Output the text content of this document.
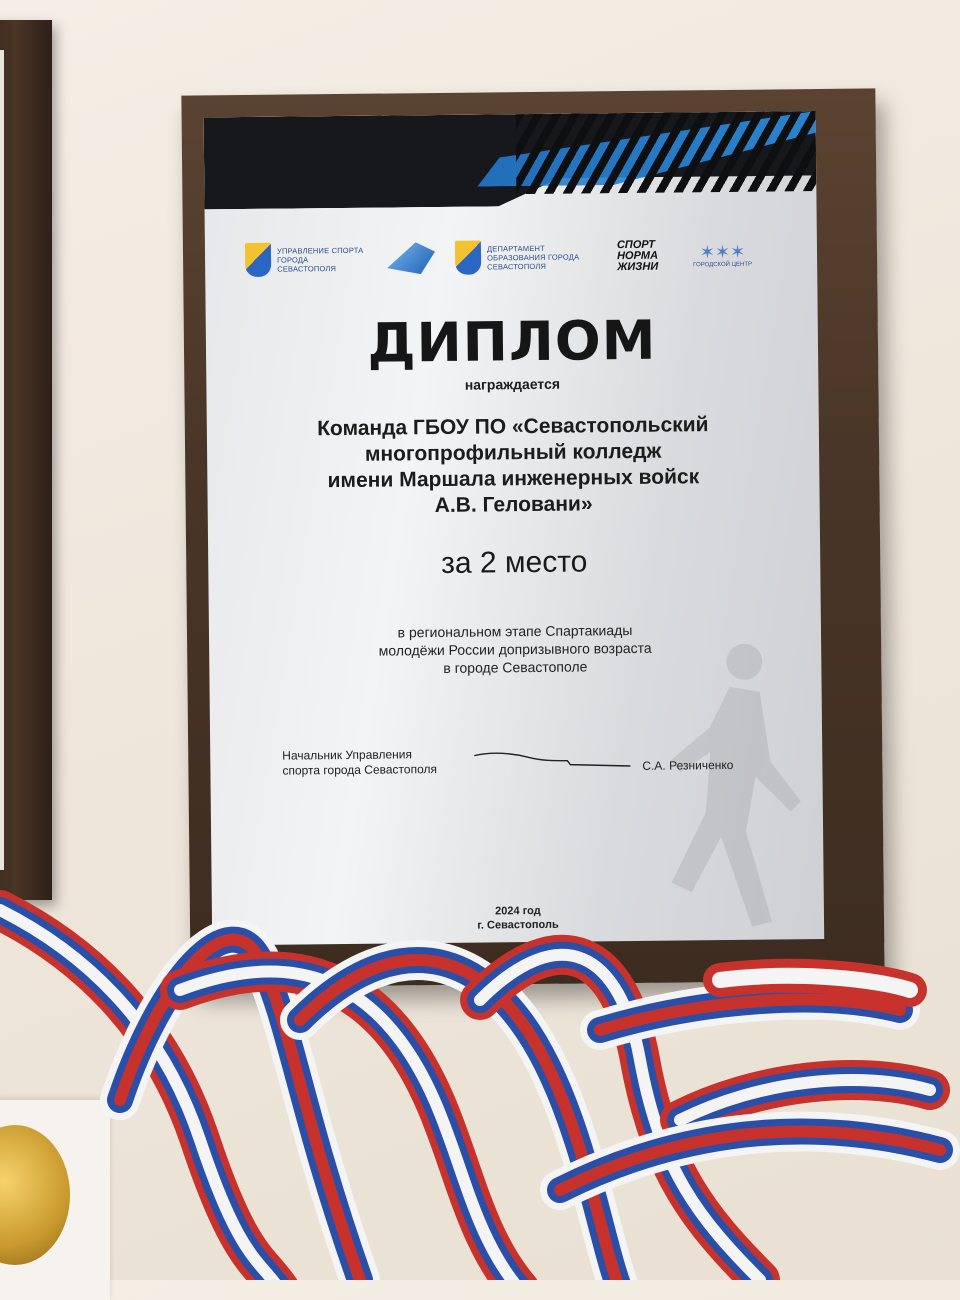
УПРАВЛЕНИЕ СПОРТА ГОРОДА СЕВАСТОПОЛЯ
ДЕПАРТАМЕНТ ОБРАЗОВАНИЯ ГОРОДА СЕВАСТОПОЛЯ
СПОРТ
НОРМА
ЖИЗНИ
✶✶✶
ГОРОДСКОЙ ЦЕНТР
ДИПЛОМ
награждается
Команда ГБОУ ПО «Севастопольский
многопрофильный колледж
имени Маршала инженерных войск
А.В. Геловани»
за 2 место
в региональном этапе Спартакиады
молодёжи России допризывного возраста
в городе Севастополе
Начальник Управления
спорта города Севастополя	С.А. Резниченко
2024 год
г. Севастополь
